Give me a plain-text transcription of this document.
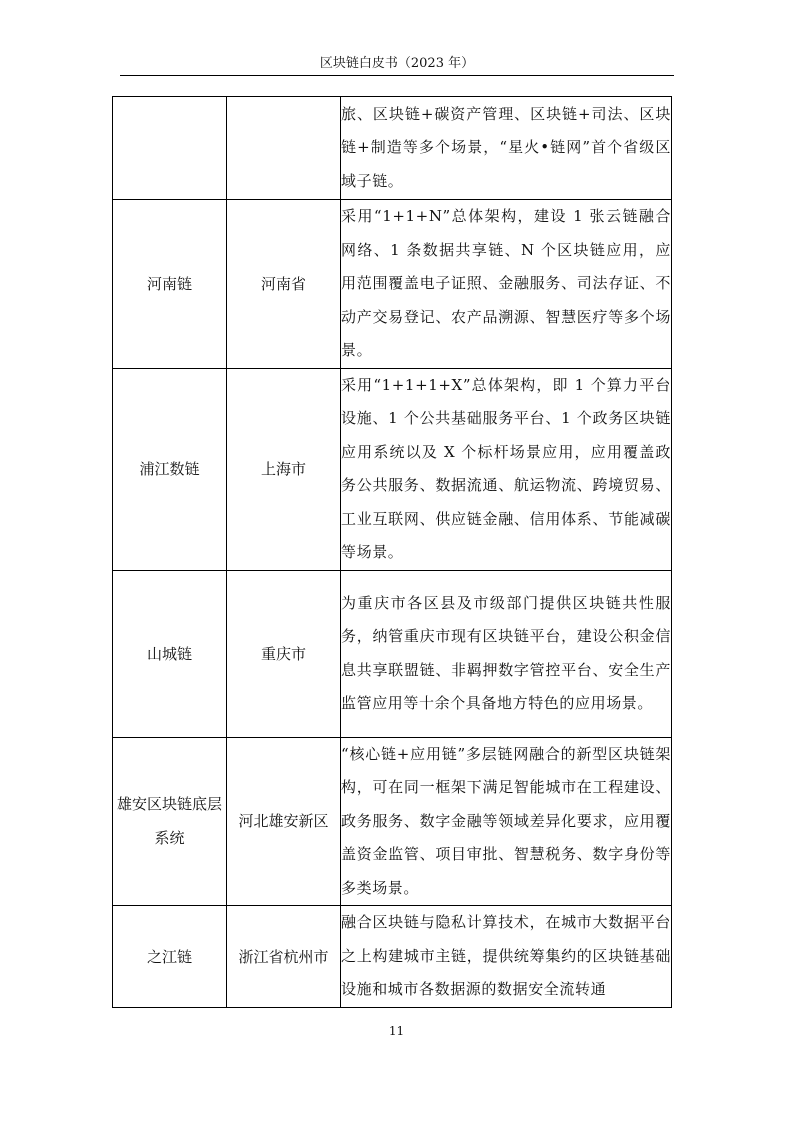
区块链白皮书（2023 年）
		旅、区块链+碳资产管理、区块链+司法、区块链+制造等多个场景，“星火•链网”首个省级区域子链。
河南链	河南省	采用“1+1+N”总体架构，建设 1 张云链融合网络、1 条数据共享链、N 个区块链应用，应用范围覆盖电子证照、金融服务、司法存证、不动产交易登记、农产品溯源、智慧医疗等多个场景。
浦江数链	上海市	采用“1+1+1+X”总体架构，即 1 个算力平台设施、1 个公共基础服务平台、1 个政务区块链应用系统以及 X 个标杆场景应用，应用覆盖政务公共服务、数据流通、航运物流、跨境贸易、工业互联网、供应链金融、信用体系、节能减碳等场景。
山城链	重庆市	为重庆市各区县及市级部门提供区块链共性服务，纳管重庆市现有区块链平台，建设公积金信息共享联盟链、非羁押数字管控平台、安全生产监管应用等十余个具备地方特色的应用场景。
雄安区块链底层系统	河北雄安新区	“核心链+应用链”多层链网融合的新型区块链架构，可在同一框架下满足智能城市在工程建设、政务服务、数字金融等领域差异化要求，应用覆盖资金监管、项目审批、智慧税务、数字身份等多类场景。
之江链	浙江省杭州市	融合区块链与隐私计算技术，在城市大数据平台之上构建城市主链，提供统筹集约的区块链基础设施和城市各数据源的数据安全流转通
11
